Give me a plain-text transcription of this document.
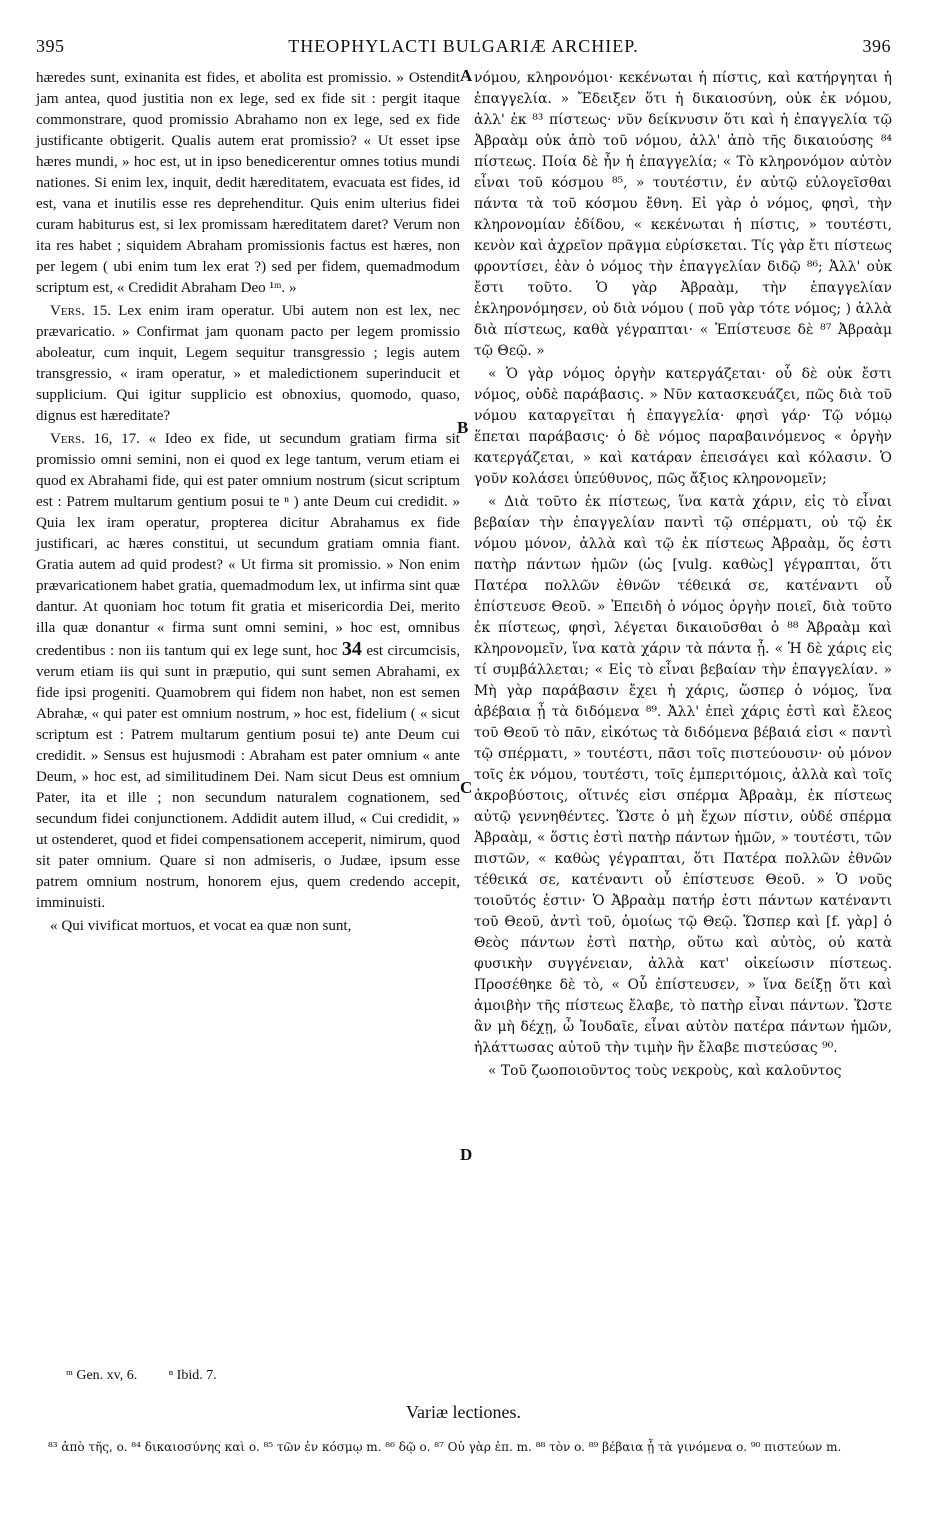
395	THEOPHYLACTI BULGARIÆ ARCHIEP.	396
A
B
C
D

hæredes sunt, exinanita est fides, et abolita est promissio. » Ostendit jam antea, quod justitia non ex lege, sed ex fide sit : pergit itaque commonstrare, quod promissio Abrahamo non ex lege, sed ex fide justificante obtigerit. Qualis autem erat promissio? « Ut esset ipse hæres mundi, » hoc est, ut in ipso benedicerentur omnes totius mundi nationes. Si enim lex, inquit, dedit hæreditatem, evacuata est fides, id est, vana et inutilis esse res deprehenditur. Quis enim ulterius fidei curam habiturus est, si lex promissam hæreditatem daret? Verum non ita res habet ; siquidem Abraham promissionis factus est hæres, non per legem ( ubi enim tum lex erat ?) sed per fidem, quemadmodum scriptum est, « Credidit Abraham Deo ¹ᵐ. »

Vers. 15. Lex enim iram operatur. Ubi autem non est lex, nec prævaricatio. » Confirmat jam quonam pacto per legem promissio aboleatur, cum inquit, Legem sequitur transgressio ; legis autem transgressio, « iram operatur, » et maledictionem superinducit et supplicium. Qui igitur supplicio est obnoxius, quomodo, quaso, dignus est hæreditate?

Vers. 16, 17. « Ideo ex fide, ut secundum gratiam firma sit promissio omni semini, non ei quod ex lege tantum, verum etiam ei quod ex Abrahami fide, qui est pater omnium nostrum (sicut scriptum est : Patrem multarum gentium posui te ⁿ ) ante Deum cui credidit. » Quia lex iram operatur, propterea dicitur Abrahamus ex fide justificari, ac hæres constitui, ut secundum gratiam omnia fiant. Gratia autem ad quid prodest? « Ut firma sit promissio. » Non enim prævaricationem habet gratia, quemadmodum lex, ut infirma sint quæ dantur. At quoniam hoc totum fit gratia et misericordia Dei, merito illa quæ donantur « firma sunt omni semini, » hoc est, omnibus credentibus : non iis tantum qui ex lege sunt, hoc 34 est circumcisis, verum etiam iis qui sunt in præputio, qui sunt semen Abrahami, ex fide ipsi progeniti. Quamobrem qui fidem non habet, non est semen Abrahæ, « qui pater est omnium nostrum, » hoc est, fidelium ( « sicut scriptum est : Patrem multarum gentium posui te) ante Deum cui credidit. » Sensus est hujusmodi : Abraham est pater omnium « ante Deum, » hoc est, ad similitudinem Dei. Nam sicut Deus est omnium Pater, ita et ille ; non secundum naturalem cognationem, sed secundum fidei conjunctionem. Addidit autem illud, « Cui credidit, » ut ostenderet, quod et fidei compensationem acceperit, nimirum, quod sit pater omnium. Quare si non admiseris, o Judæe, ipsum esse patrem omnium nostrum, honorem ejus, quem credendo accepit, imminuisti.

« Qui vivificat mortuos, et vocat ea quæ non sunt,

νόμου, κληρονόμοι· κεκένωται ἡ πίστις, καὶ κατήργηται ἡ ἐπαγγελία. » Ἔδειξεν ὅτι ἡ δικαιοσύνη, οὐκ ἐκ νόμου, ἀλλ' ἐκ ⁸³ πίστεως· νῦν δείκνυσιν ὅτι καὶ ἡ ἐπαγγελία τῷ Ἀβραὰμ οὐκ ἀπὸ τοῦ νόμου, ἀλλ' ἀπὸ τῆς δικαιούσης ⁸⁴ πίστεως. Ποία δὲ ἦν ἡ ἐπαγγελία; « Τὸ κληρονόμον αὐτὸν εἶναι τοῦ κόσμου ⁸⁵, » τουτέστιν, ἐν αὐτῷ εὐλογεῖσθαι πάντα τὰ τοῦ κόσμου ἔθνη. Εἰ γὰρ ὁ νόμος, φησὶ, τὴν κληρονομίαν ἐδίδου, « κεκένωται ἡ πίστις, » τουτέστι, κενὸν καὶ ἀχρεῖον πρᾶγμα εὑρίσκεται. Τίς γὰρ ἔτι πίστεως φροντίσει, ἐὰν ὁ νόμος τὴν ἐπαγγελίαν διδῷ ⁸⁶; Ἀλλ' οὐκ ἔστι τοῦτο. Ὁ γὰρ Ἀβραὰμ, τὴν ἐπαγγελίαν ἐκληρονόμησεν, οὐ διὰ νόμου ( ποῦ γὰρ τότε νόμος; ) ἀλλὰ διὰ πίστεως, καθὰ γέγραπται· « Ἐπίστευσε δὲ ⁸⁷ Ἀβραὰμ τῷ Θεῷ. »

« Ὁ γὰρ νόμος ὀργὴν κατεργάζεται· οὗ δὲ οὐκ ἔστι νόμος, οὐδὲ παράβασις. » Νῦν κατασκευάζει, πῶς διὰ τοῦ νόμου καταργεῖται ἡ ἐπαγγελία· φησὶ γάρ· Τῷ νόμῳ ἕπεται παράβασις· ὁ δὲ νόμος παραβαινόμενος « ὀργὴν κατεργάζεται, » καὶ κατάραν ἐπεισάγει καὶ κόλασιν. Ὁ γοῦν κολάσει ὑπεύθυνος, πῶς ἄξιος κληρονομεῖν;

« Διὰ τοῦτο ἐκ πίστεως, ἵνα κατὰ χάριν, εἰς τὸ εἶναι βεβαίαν τὴν ἐπαγγελίαν παντὶ τῷ σπέρματι, οὐ τῷ ἐκ νόμου μόνον, ἀλλὰ καὶ τῷ ἐκ πίστεως Ἀβραὰμ, ὅς ἐστι πατὴρ πάντων ἡμῶν (ὡς [vulg. καθὼς] γέγραπται, ὅτι Πατέρα πολλῶν ἐθνῶν τέθεικά σε, κατέναντι οὗ ἐπίστευσε Θεοῦ. » Ἐπειδὴ ὁ νόμος ὀργὴν ποιεῖ, διὰ τοῦτο ἐκ πίστεως, φησὶ, λέγεται δικαιοῦσθαι ὁ ⁸⁸ Ἀβραὰμ καὶ κληρονομεῖν, ἵνα κατὰ χάριν τὰ πάντα ᾖ. « Ἡ δὲ χάρις εἰς τί συμβάλλεται; « Εἰς τὸ εἶναι βεβαίαν τὴν ἐπαγγελίαν. » Μὴ γὰρ παράβασιν ἔχει ἡ χάρις, ὥσπερ ὁ νόμος, ἵνα ἀβέβαια ᾖ τὰ διδόμενα ⁸⁹. Ἀλλ' ἐπεὶ χάρις ἐστὶ καὶ ἔλεος τοῦ Θεοῦ τὸ πᾶν, εἰκότως τὰ διδόμενα βέβαιά εἰσι « παντὶ τῷ σπέρματι, » τουτέστι, πᾶσι τοῖς πιστεύουσιν· οὐ μόνον τοῖς ἐκ νόμου, τουτέστι, τοῖς ἐμπεριτόμοις, ἀλλὰ καὶ τοῖς ἀκροβύστοις, οἵτινές εἰσι σπέρμα Ἀβραὰμ, ἐκ πίστεως αὐτῷ γεννηθέντες. Ὥστε ὁ μὴ ἔχων πίστιν, οὐδέ σπέρμα Ἀβραὰμ, « ὅστις ἐστὶ πατὴρ πάντων ἡμῶν, » τουτέστι, τῶν πιστῶν, « καθὼς γέγραπται, ὅτι Πατέρα πολλῶν ἐθνῶν τέθεικά σε, κατέναντι οὗ ἐπίστευσε Θεοῦ. » Ὁ νοῦς τοιοῦτός ἐστιν· Ὁ Ἀβραὰμ πατήρ ἐστι πάντων κατέναντι τοῦ Θεοῦ, ἀντὶ τοῦ, ὁμοίως τῷ Θεῷ. Ὥσπερ καὶ [f. γὰρ] ὁ Θεὸς πάντων ἐστὶ πατὴρ, οὕτω καὶ αὐτὸς, οὐ κατὰ φυσικὴν συγγένειαν, ἀλλὰ κατ' οἰκείωσιν πίστεως. Προσέθηκε δὲ τὸ, « Οὗ ἐπίστευσεν, » ἵνα δείξῃ ὅτι καὶ ἀμοιβὴν τῆς πίστεως ἔλαβε, τὸ πατὴρ εἶναι πάντων. Ὥστε ἂν μὴ δέχῃ, ὦ Ἰουδαῖε, εἶναι αὐτὸν πατέρα πάντων ἡμῶν, ἠλάττωσας αὐτοῦ τὴν τιμὴν ἣν ἔλαβε πιστεύσας ⁹⁰.

« Τοῦ ζωοποιοῦντος τοὺς νεκροὺς, καὶ καλοῦντος

ᵐ Gen. xv, 6. ⁿ Ibid. 7.
Variæ lectiones.
⁸³ ἀπὸ τῆς, o. ⁸⁴ δικαιοσύνης καὶ o. ⁸⁵ τῶν ἐν κόσμῳ m. ⁸⁶ δῷ o. ⁸⁷ Οὐ γὰρ ἐπ. m. ⁸⁸ τὸν o. ⁸⁹ βέβαια ᾖ τὰ γινόμενα o. ⁹⁰ πιστεύων m.
